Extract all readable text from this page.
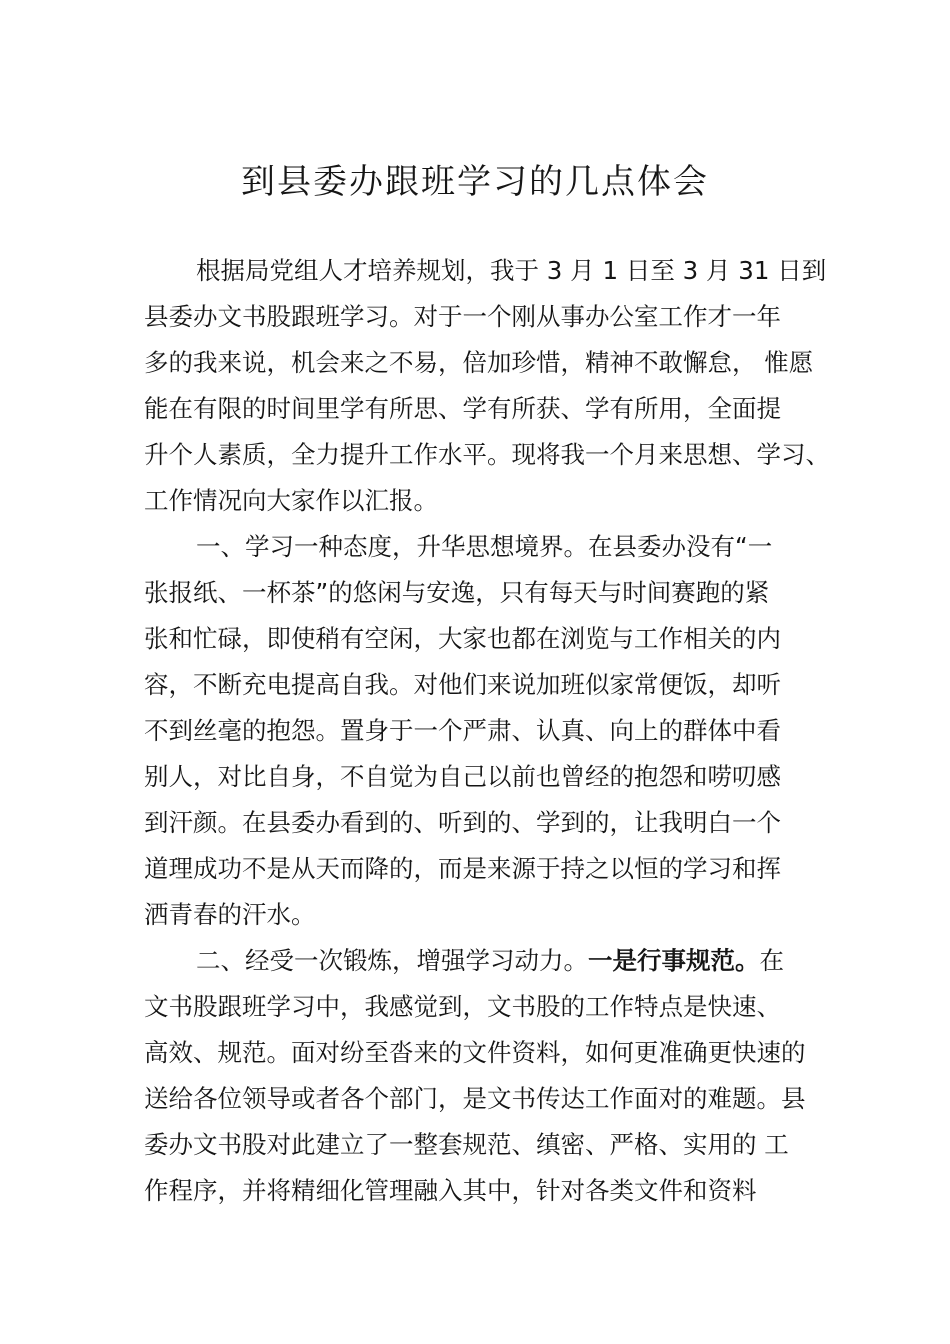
到县委办跟班学习的几点体会
根据局党组人才培养规划，我于 3 月 1 日至 3 月 31 日到
县委办文书股跟班学习。对于一个刚从事办公室工作才一年
多的我来说，机会来之不易，倍加珍惜，精神不敢懈怠， 惟愿
能在有限的时间里学有所思、学有所获、学有所用，全面提
升个人素质，全力提升工作水平。现将我一个月来思想、学习、
工作情况向大家作以汇报。
一、学习一种态度，升华思想境界。在县委办没有“一
张报纸、一杯茶”的悠闲与安逸，只有每天与时间赛跑的紧
张和忙碌，即使稍有空闲，大家也都在浏览与工作相关的内
容，不断充电提高自我。对他们来说加班似家常便饭，却听
不到丝毫的抱怨。置身于一个严肃、认真、向上的群体中看
别人，对比自身，不自觉为自己以前也曾经的抱怨和唠叨感
到汗颜。在县委办看到的、听到的、学到的，让我明白一个
道理成功不是从天而降的，而是来源于持之以恒的学习和挥
洒青春的汗水。
二、经受一次锻炼，增强学习动力。一是行事规范。在
文书股跟班学习中，我感觉到，文书股的工作特点是快速、
高效、规范。面对纷至沓来的文件资料，如何更准确更快速的
送给各位领导或者各个部门，是文书传达工作面对的难题。县
委办文书股对此建立了一整套规范、缜密、严格、实用的 工
作程序，并将精细化管理融入其中，针对各类文件和资料
